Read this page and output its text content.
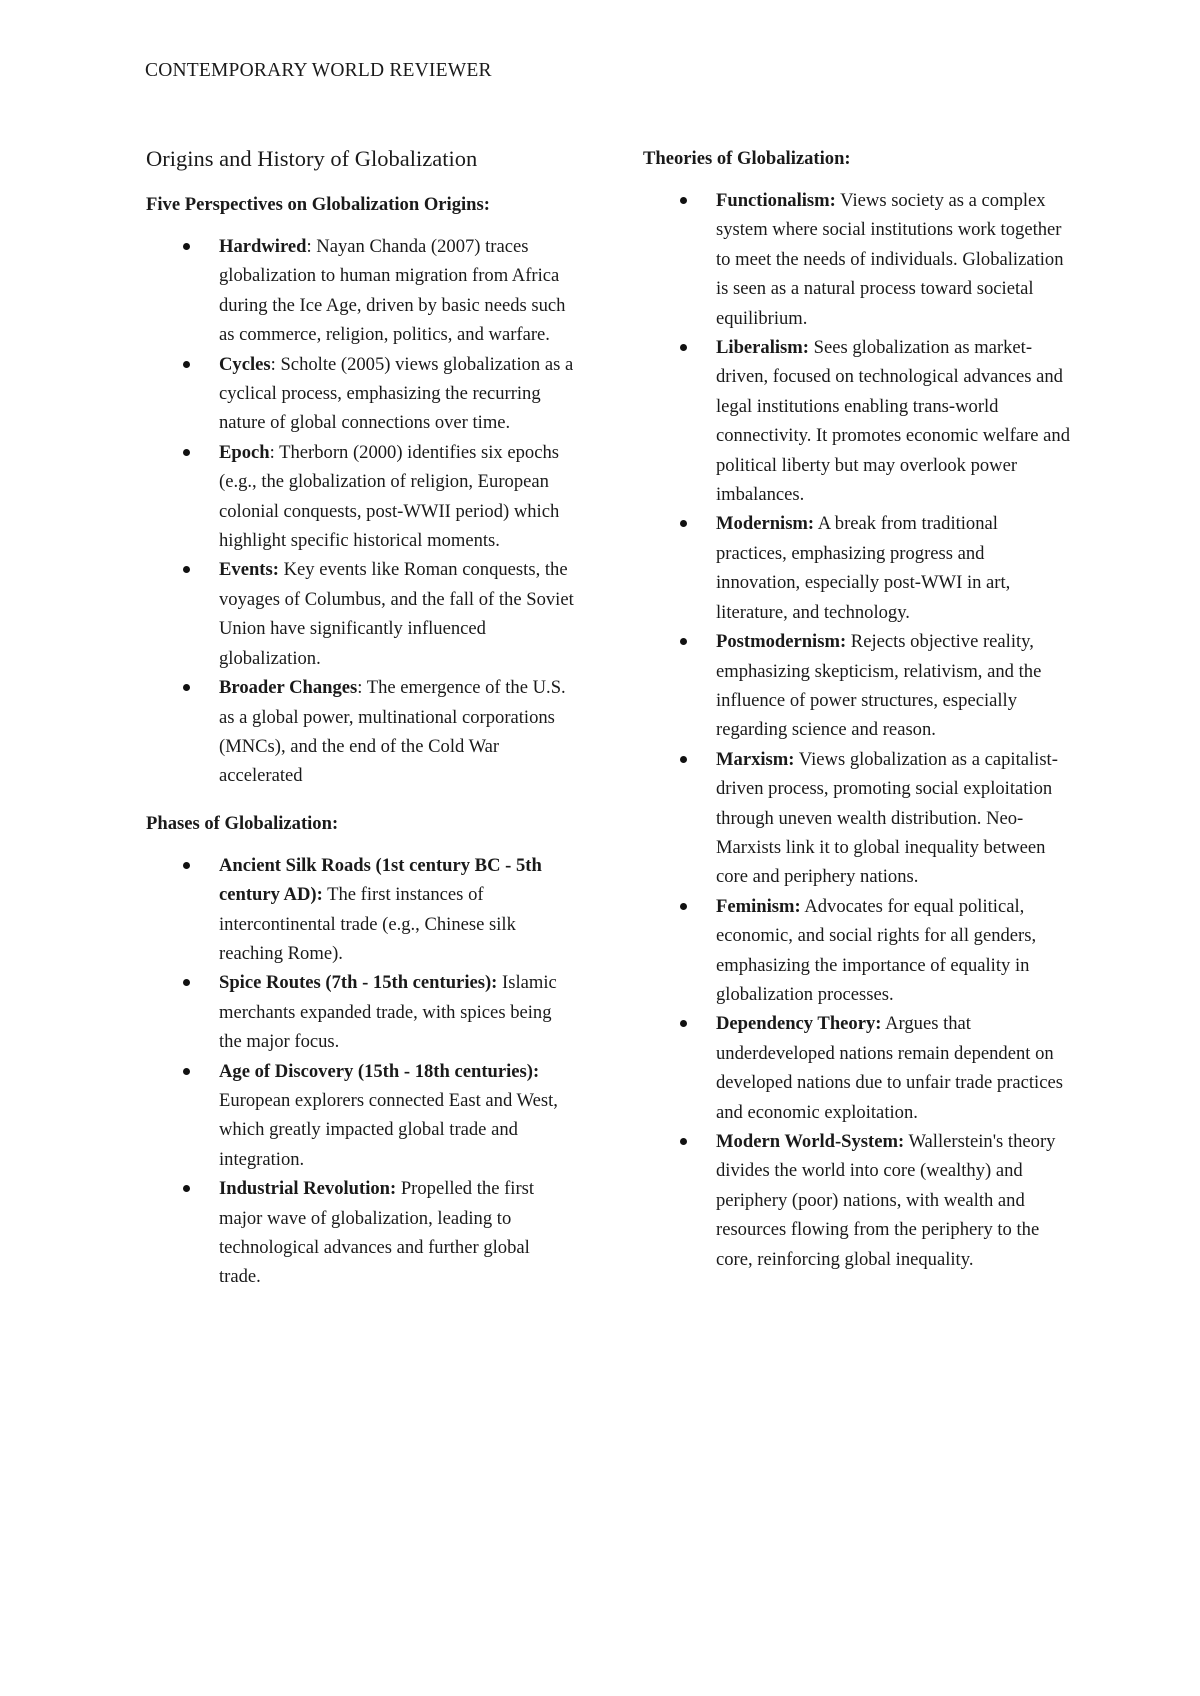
CONTEMPORARY WORLD REVIEWER
Origins and History of Globalization
Five Perspectives on Globalization Origins:
Hardwired: Nayan Chanda (2007) traces globalization to human migration from Africa during the Ice Age, driven by basic needs such as commerce, religion, politics, and warfare.
Cycles: Scholte (2005) views globalization as a cyclical process, emphasizing the recurring nature of global connections over time.
Epoch: Therborn (2000) identifies six epochs (e.g., the globalization of religion, European colonial conquests, post-WWII period) which highlight specific historical moments.
Events: Key events like Roman conquests, the voyages of Columbus, and the fall of the Soviet Union have significantly influenced globalization.
Broader Changes: The emergence of the U.S. as a global power, multinational corporations (MNCs), and the end of the Cold War accelerated
Phases of Globalization:
Ancient Silk Roads (1st century BC - 5th century AD): The first instances of intercontinental trade (e.g., Chinese silk reaching Rome).
Spice Routes (7th - 15th centuries): Islamic merchants expanded trade, with spices being the major focus.
Age of Discovery (15th - 18th centuries): European explorers connected East and West, which greatly impacted global trade and integration.
Industrial Revolution: Propelled the first major wave of globalization, leading to technological advances and further global trade.
Theories of Globalization:
Functionalism: Views society as a complex system where social institutions work together to meet the needs of individuals. Globalization is seen as a natural process toward societal equilibrium.
Liberalism: Sees globalization as market-driven, focused on technological advances and legal institutions enabling trans-world connectivity. It promotes economic welfare and political liberty but may overlook power imbalances.
Modernism: A break from traditional practices, emphasizing progress and innovation, especially post-WWI in art, literature, and technology.
Postmodernism: Rejects objective reality, emphasizing skepticism, relativism, and the influence of power structures, especially regarding science and reason.
Marxism: Views globalization as a capitalist-driven process, promoting social exploitation through uneven wealth distribution. Neo-Marxists link it to global inequality between core and periphery nations.
Feminism: Advocates for equal political, economic, and social rights for all genders, emphasizing the importance of equality in globalization processes.
Dependency Theory: Argues that underdeveloped nations remain dependent on developed nations due to unfair trade practices and economic exploitation.
Modern World-System: Wallerstein's theory divides the world into core (wealthy) and periphery (poor) nations, with wealth and resources flowing from the periphery to the core, reinforcing global inequality.
